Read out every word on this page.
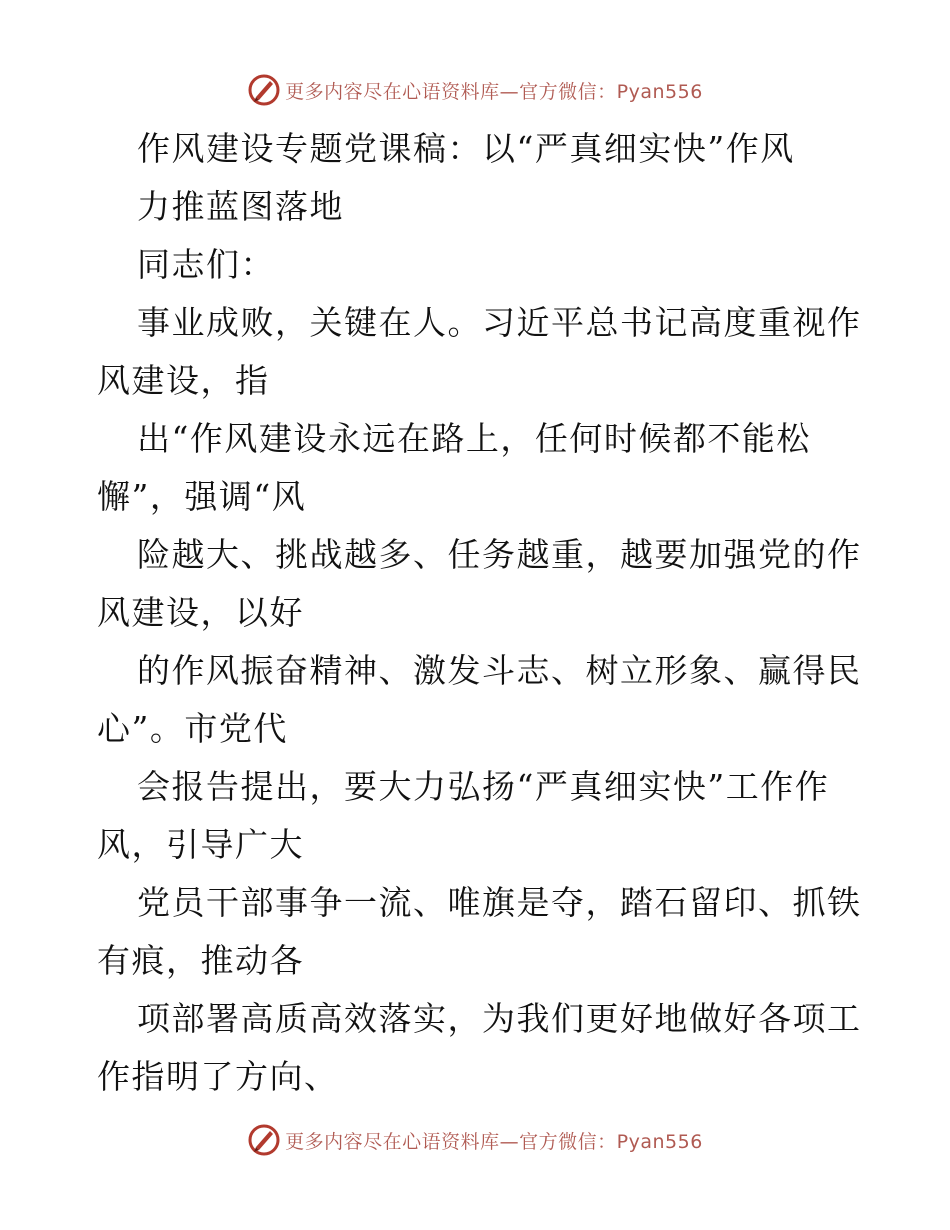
更多内容尽在心语资料库—官方微信：Pyan556
作风建设专题党课稿：以“严真细实快”作风
力推蓝图落地
同志们：
事业成败，关键在人。习近平总书记高度重视作
风建设，指
出“作风建设永远在路上，任何时候都不能松
懈”，强调“风
险越大、挑战越多、任务越重，越要加强党的作
风建设，以好
的作风振奋精神、激发斗志、树立形象、赢得民
心”。市党代
会报告提出，要大力弘扬“严真细实快”工作作
风，引导广大
党员干部事争一流、唯旗是夺，踏石留印、抓铁
有痕，推动各
项部署高质高效落实，为我们更好地做好各项工
作指明了方向、
更多内容尽在心语资料库—官方微信：Pyan556
